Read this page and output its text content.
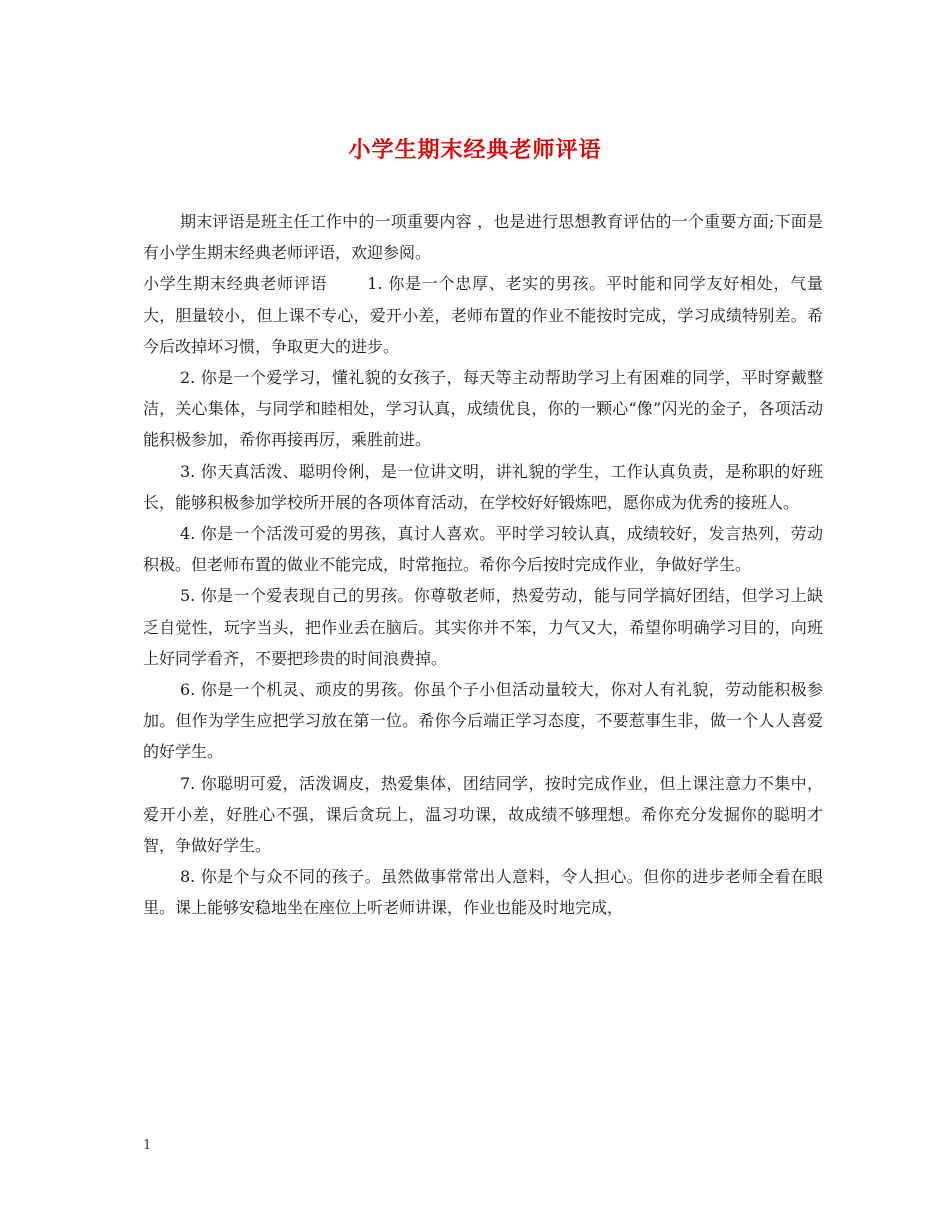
小学生期末经典老师评语

期末评语是班主任工作中的一项重要内容 ，也是进行思想教育评估的一个重要方面;下面是有小学生期末经典老师评语，欢迎参阅。

小学生期末经典老师评语	1. 你是一个忠厚、老实的男孩。平时能和同学友好相处，气量大，胆量较小，但上课不专心，爱开小差，老师布置的作业不能按时完成，学习成绩特别差。希今后改掉坏习惯，争取更大的进步。

2. 你是一个爱学习，懂礼貌的女孩子，每天等主动帮助学习上有困难的同学，平时穿戴整洁，关心集体，与同学和睦相处，学习认真，成绩优良，你的一颗心“像”闪光的金子，各项活动能积极参加，希你再接再厉，乘胜前进。

3. 你天真活泼、聪明伶俐，是一位讲文明，讲礼貌的学生，工作认真负责，是称职的好班长，能够积极参加学校所开展的各项体育活动，在学校好好锻炼吧，愿你成为优秀的接班人。

4. 你是一个活泼可爱的男孩，真讨人喜欢。平时学习较认真，成绩较好，发言热列，劳动积极。但老师布置的做业不能完成，时常拖拉。希你今后按时完成作业，争做好学生。

5. 你是一个爱表现自己的男孩。你尊敬老师，热爱劳动，能与同学搞好团结，但学习上缺乏自觉性，玩字当头，把作业丢在脑后。其实你并不笨，力气又大，希望你明确学习目的，向班上好同学看齐，不要把珍贵的时间浪费掉。

6. 你是一个机灵、顽皮的男孩。你虽个子小但活动量较大，你对人有礼貌，劳动能积极参加。但作为学生应把学习放在第一位。希你今后端正学习态度，不要惹事生非，做一个人人喜爱的好学生。

7. 你聪明可爱，活泼调皮，热爱集体，团结同学，按时完成作业，但上课注意力不集中，爱开小差，好胜心不强，课后贪玩上，温习功课，故成绩不够理想。希你充分发掘你的聪明才智，争做好学生。

8. 你是个与众不同的孩子。虽然做事常常出人意料，令人担心。但你的进步老师全看在眼里。课上能够安稳地坐在座位上听老师讲课，作业也能及时地完成，

1
